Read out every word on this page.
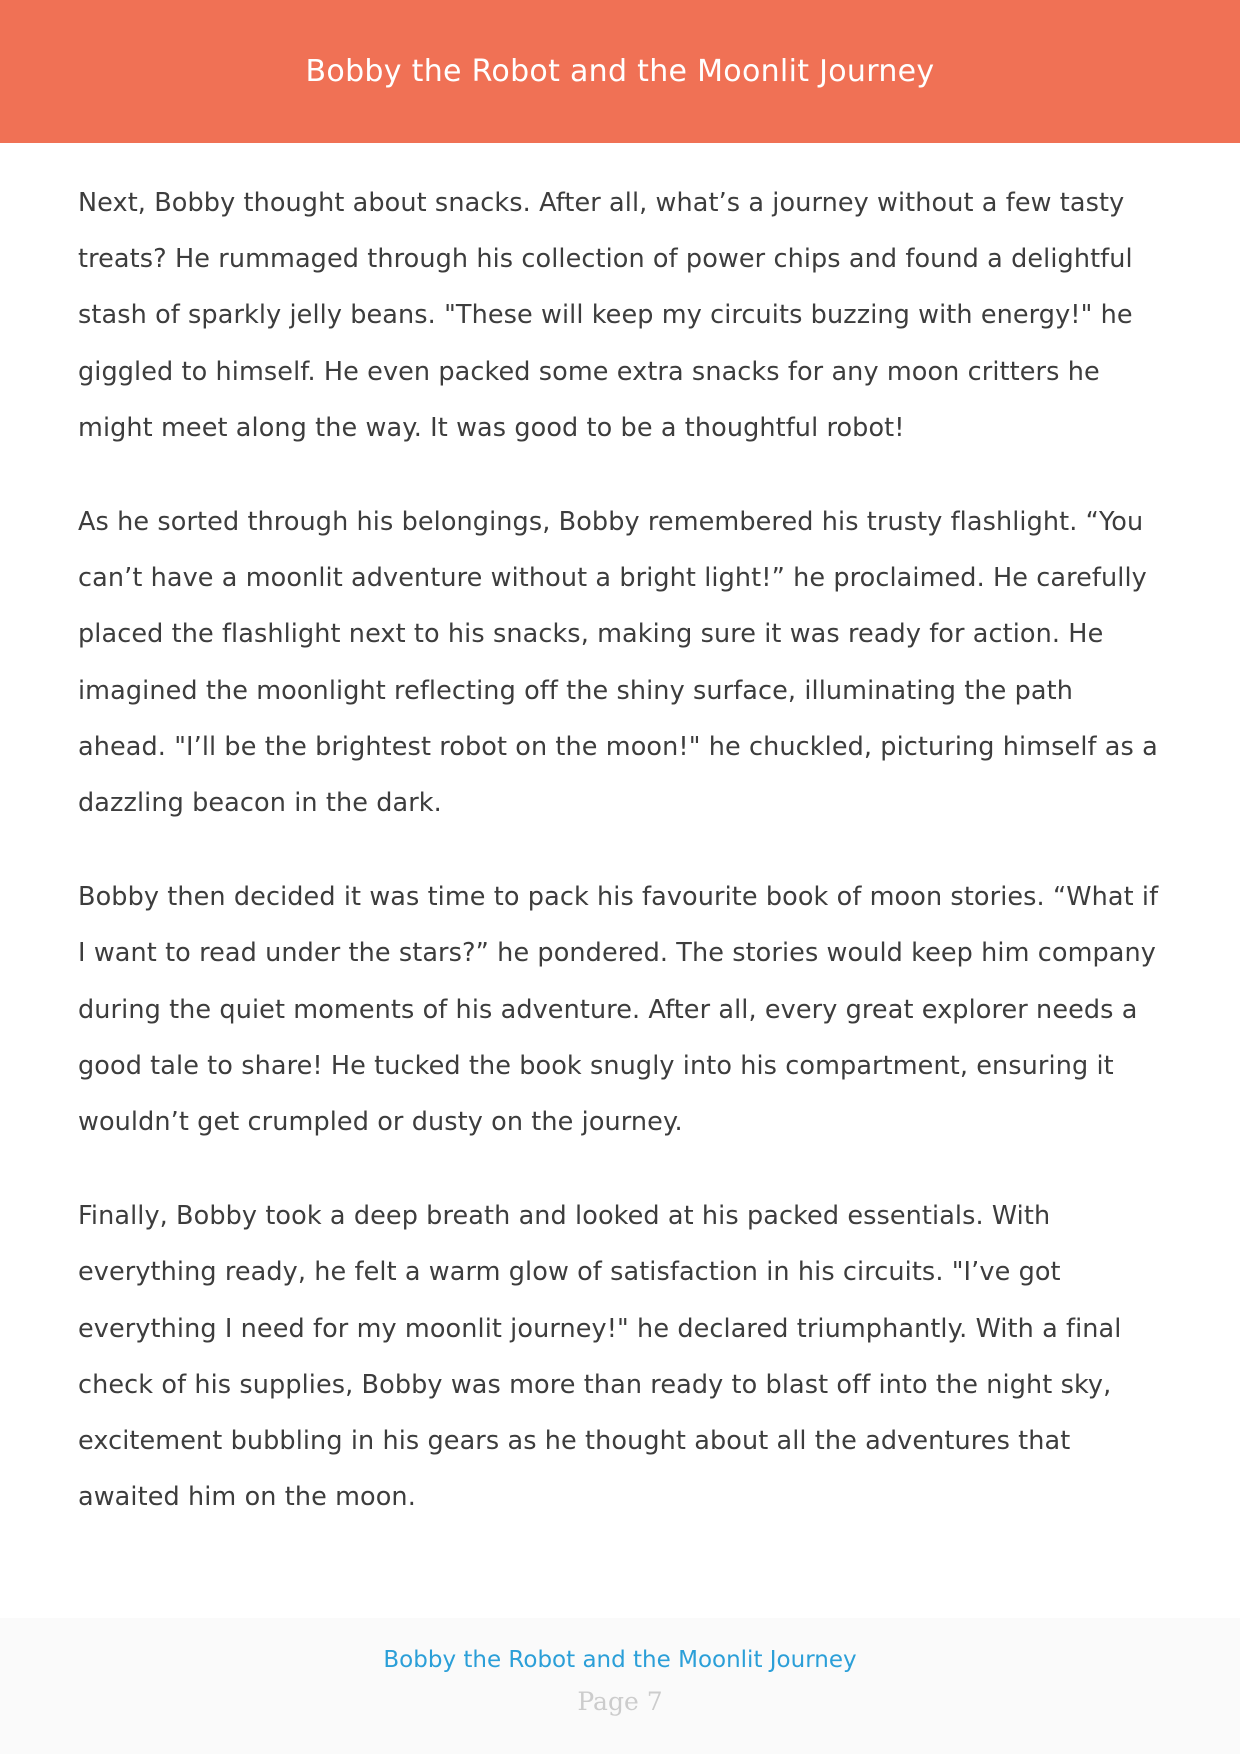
Bobby the Robot and the Moonlit Journey

Next, Bobby thought about snacks. After all, what’s a journey without a few tasty treats? He rummaged through his collection of power chips and found a delightful stash of sparkly jelly beans. "These will keep my circuits buzzing with energy!" he giggled to himself. He even packed some extra snacks for any moon critters he might meet along the way. It was good to be a thoughtful robot!

As he sorted through his belongings, Bobby remembered his trusty flashlight. “You can’t have a moonlit adventure without a bright light!” he proclaimed. He carefully placed the flashlight next to his snacks, making sure it was ready for action. He imagined the moonlight reflecting off the shiny surface, illuminating the path ahead. "I’ll be the brightest robot on the moon!" he chuckled, picturing himself as a dazzling beacon in the dark.

Bobby then decided it was time to pack his favourite book of moon stories. “What if I want to read under the stars?” he pondered. The stories would keep him company during the quiet moments of his adventure. After all, every great explorer needs a good tale to share! He tucked the book snugly into his compartment, ensuring it wouldn’t get crumpled or dusty on the journey.

Finally, Bobby took a deep breath and looked at his packed essentials. With everything ready, he felt a warm glow of satisfaction in his circuits. "I’ve got everything I need for my moonlit journey!" he declared triumphantly. With a final check of his supplies, Bobby was more than ready to blast off into the night sky, excitement bubbling in his gears as he thought about all the adventures that awaited him on the moon.

Bobby the Robot and the Moonlit Journey

Page 7
